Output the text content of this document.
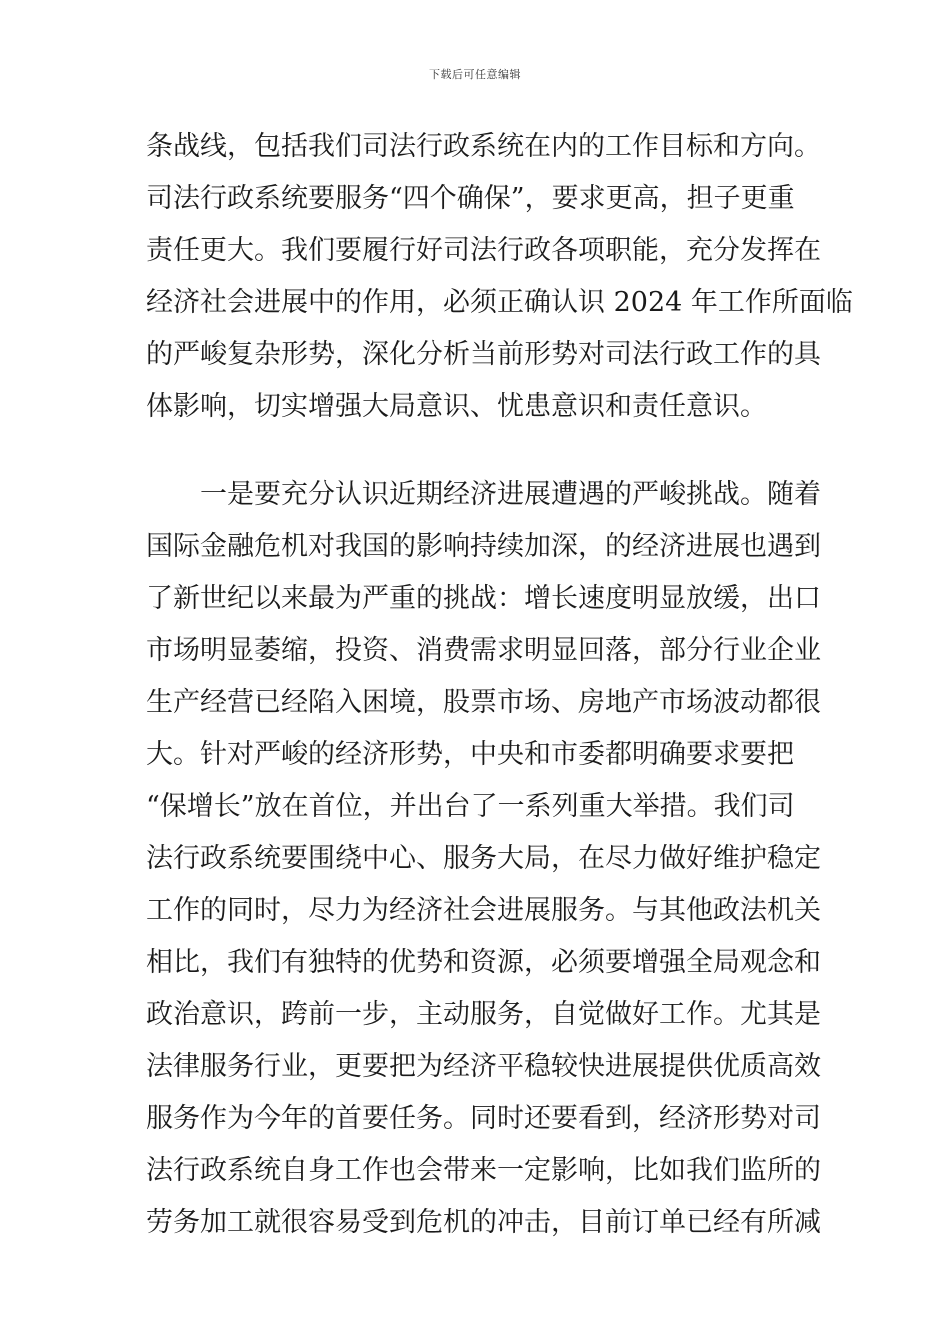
下载后可任意编辑
条战线，包括我们司法行政系统在内的工作目标和方向。
司法行政系统要服务“四个确保”，要求更高，担子更重
责任更大。我们要履行好司法行政各项职能，充分发挥在
经济社会进展中的作用，必须正确认识 2024 年工作所面临
的严峻复杂形势，深化分析当前形势对司法行政工作的具
体影响，切实增强大局意识、忧患意识和责任意识。
一是要充分认识近期经济进展遭遇的严峻挑战。随着
国际金融危机对我国的影响持续加深，的经济进展也遇到
了新世纪以来最为严重的挑战：增长速度明显放缓，出口
市场明显萎缩，投资、消费需求明显回落，部分行业企业
生产经营已经陷入困境，股票市场、房地产市场波动都很
大。针对严峻的经济形势，中央和市委都明确要求要把
“保增长”放在首位，并出台了一系列重大举措。我们司
法行政系统要围绕中心、服务大局，在尽力做好维护稳定
工作的同时，尽力为经济社会进展服务。与其他政法机关
相比，我们有独特的优势和资源，必须要增强全局观念和
政治意识，跨前一步，主动服务，自觉做好工作。尤其是
法律服务行业，更要把为经济平稳较快进展提供优质高效
服务作为今年的首要任务。同时还要看到，经济形势对司
法行政系统自身工作也会带来一定影响，比如我们监所的
劳务加工就很容易受到危机的冲击，目前订单已经有所减
